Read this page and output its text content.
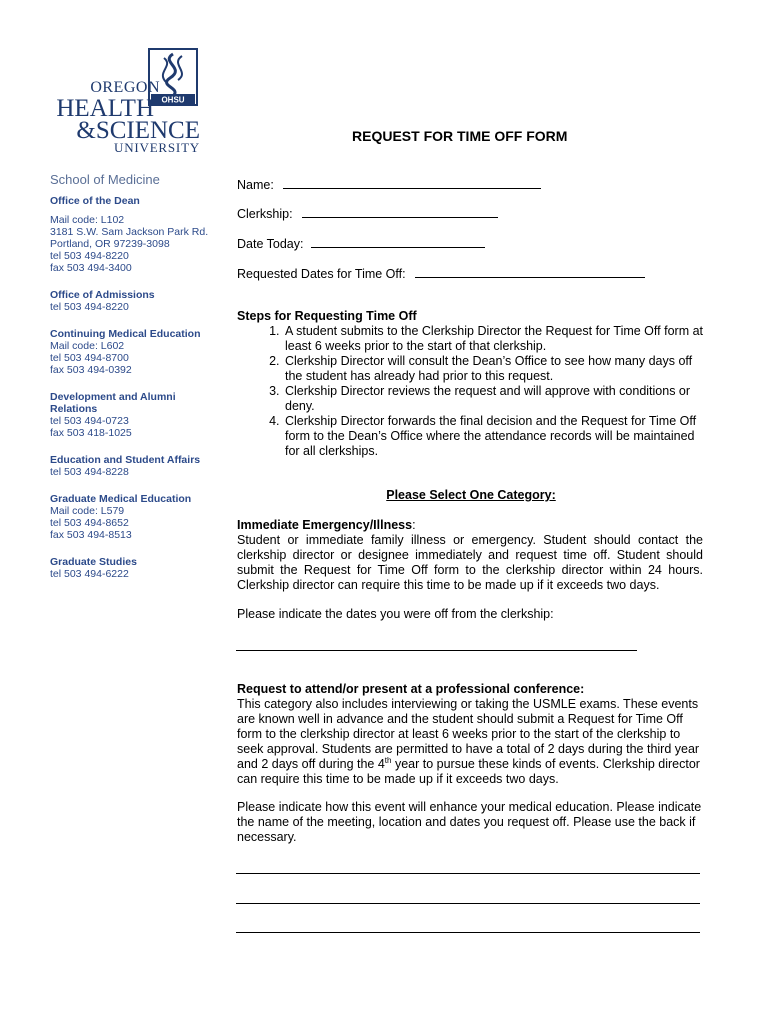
OHSU
OREGON
HEALTH
&SCIENCE
UNIVERSITY
School of Medicine
Office of the Dean
Mail code: L102
3181 S.W. Sam Jackson Park Rd.
Portland, OR 97239-3098
tel 503 494-8220
fax 503 494-3400
Office of Admissions
tel 503 494-8220
Continuing Medical Education
Mail code: L602
tel 503 494-8700
fax 503 494-0392
Development and Alumni
Relations
tel 503 494-0723
fax 503 418-1025
Education and Student Affairs
tel 503 494-8228
Graduate Medical Education
Mail code: L579
tel 503 494-8652
fax 503 494-8513
Graduate Studies
tel 503 494-6222
REQUEST FOR TIME OFF FORM
Name:
Clerkship:
Date Today:
Requested Dates for Time Off:
Steps for Requesting Time Off
1. A student submits to the Clerkship Director the Request for Time Off form at least 6 weeks prior to the start of that clerkship.
2. Clerkship Director will consult the Dean’s Office to see how many days off the student has already had prior to this request.
3. Clerkship Director reviews the request and will approve with conditions or deny.
4. Clerkship Director forwards the final decision and the Request for Time Off form to the Dean’s Office where the attendance records will be maintained for all clerkships.
Please Select One Category:
Immediate Emergency/Illness:
Student or immediate family illness or emergency. Student should contact the clerkship director or designee immediately and request time off. Student should submit the Request for Time Off form to the clerkship director within 24 hours. Clerkship director can require this time to be made up if it exceeds two days.
Please indicate the dates you were off from the clerkship:
Request to attend/or present at a professional conference:
This category also includes interviewing or taking the USMLE exams. These events are known well in advance and the student should submit a Request for Time Off form to the clerkship director at least 6 weeks prior to the start of the clerkship to seek approval. Students are permitted to have a total of 2 days during the third year and 2 days off during the 4th year to pursue these kinds of events. Clerkship director can require this time to be made up if it exceeds two days.
Please indicate how this event will enhance your medical education. Please indicate the name of the meeting, location and dates you request off. Please use the back if necessary.
